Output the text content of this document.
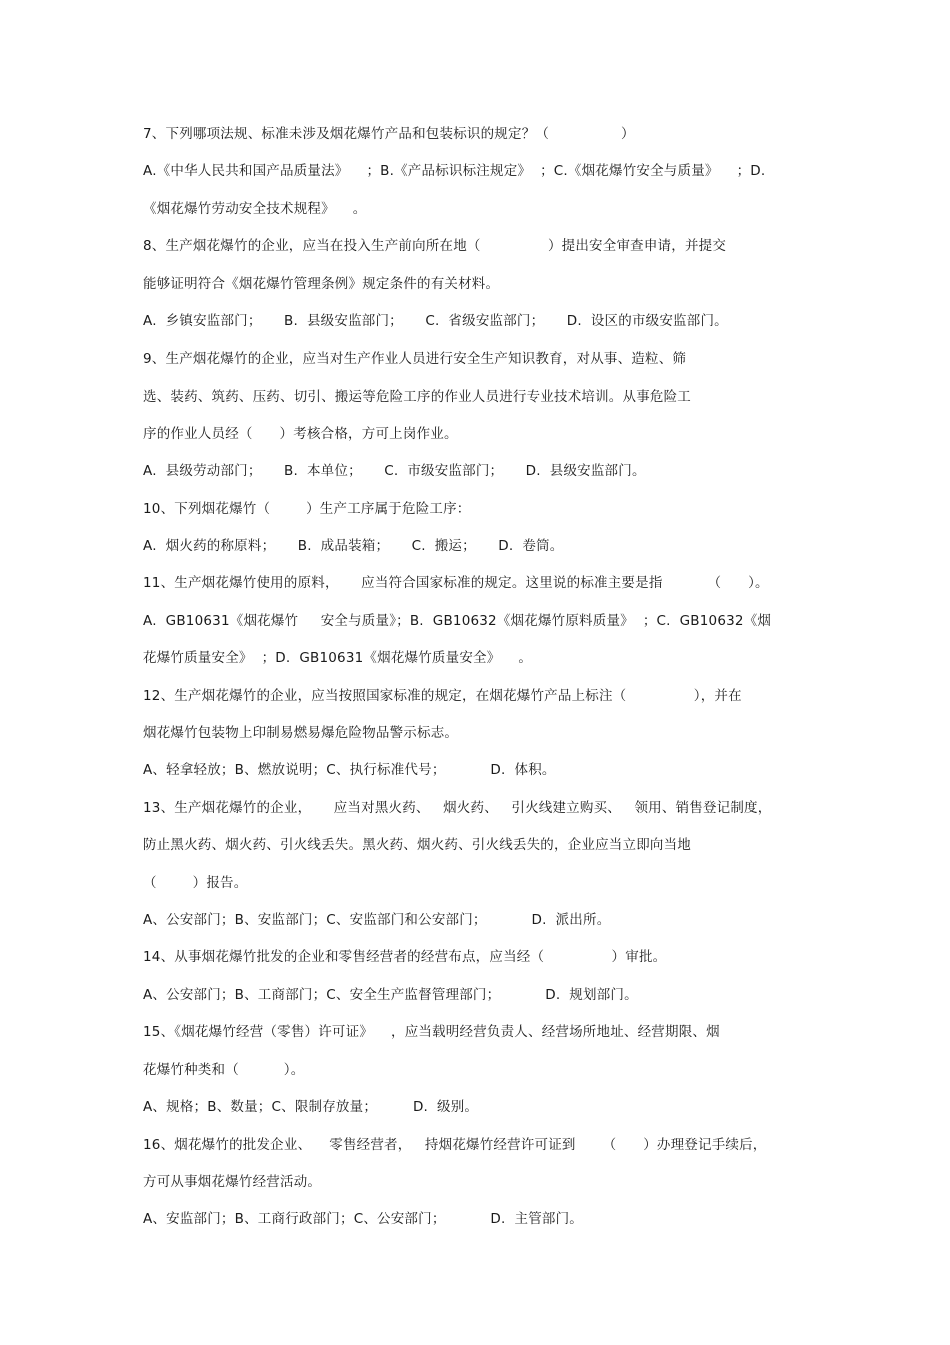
7、下列哪项法规、标准未涉及烟花爆竹产品和包装标识的规定？（                ）
A.《中华人民共和国产品质量法》    ；B.《产品标识标注规定》  ；C.《烟花爆竹安全与质量》    ；D.
《烟花爆竹劳动安全技术规程》    。
8、生产烟花爆竹的企业，应当在投入生产前向所在地（               ）提出安全审查申请，并提交
能够证明符合《烟花爆竹管理条例》规定条件的有关材料。
A.  乡镇安监部门；     B.  县级安监部门；     C.  省级安监部门；     D.  设区的市级安监部门。
9、生产烟花爆竹的企业，应当对生产作业人员进行安全生产知识教育，对从事、造粒、筛
选、装药、筑药、压药、切引、搬运等危险工序的作业人员进行专业技术培训。从事危险工
序的作业人员经（      ）考核合格，方可上岗作业。
A.  县级劳动部门；     B.  本单位；     C.  市级安监部门；     D.  县级安监部门。
10、下列烟花爆竹（        ）生产工序属于危险工序：
A.  烟火药的称原料；     B.  成品装箱；     C.  搬运；     D.  卷筒。
11、生产烟花爆竹使用的原料，     应当符合国家标准的规定。这里说的标准主要是指          （      ）。
A.  GB10631《烟花爆竹     安全与质量》；B.  GB10632《烟花爆竹原料质量》  ；C.  GB10632《烟
花爆竹质量安全》  ；D.  GB10631《烟花爆竹质量安全》    。
12、生产烟花爆竹的企业，应当按照国家标准的规定，在烟花爆竹产品上标注（               ），并在
烟花爆竹包装物上印制易燃易爆危险物品警示标志。
A、轻拿轻放；B、燃放说明；C、执行标准代号；          D.  体积。
13、生产烟花爆竹的企业，     应当对黑火药、   烟火药、   引火线建立购买、   领用、销售登记制度，
防止黑火药、烟火药、引火线丢失。黑火药、烟火药、引火线丢失的，企业应当立即向当地
（        ）报告。
A、公安部门；B、安监部门；C、安监部门和公安部门；          D.  派出所。
14、从事烟花爆竹批发的企业和零售经营者的经营布点，应当经（               ）审批。
A、公安部门；B、工商部门；C、安全生产监督管理部门；          D.  规划部门。
15、《烟花爆竹经营（零售）许可证》    ，应当载明经营负责人、经营场所地址、经营期限、烟
花爆竹种类和（          ）。
A、规格；B、数量；C、限制存放量；        D.  级别。
16、烟花爆竹的批发企业、    零售经营者，   持烟花爆竹经营许可证到      （      ）办理登记手续后，
方可从事烟花爆竹经营活动。
A、安监部门；B、工商行政部门；C、公安部门；          D.  主管部门。
